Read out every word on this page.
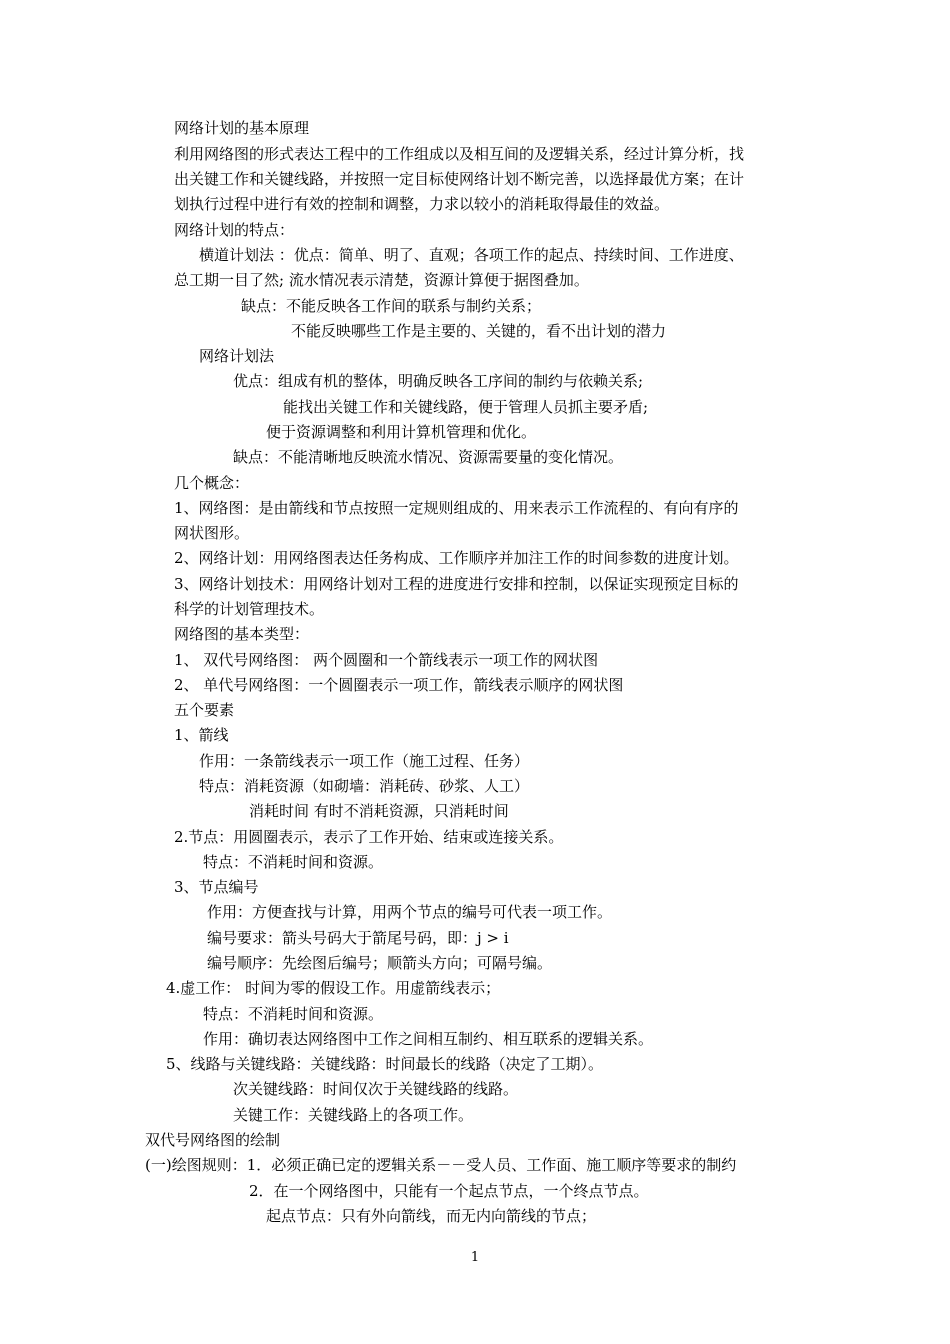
网络计划的基本原理
利用网络图的形式表达工程中的工作组成以及相互间的及逻辑关系，经过计算分析，找
出关键工作和关键线路，并按照一定目标使网络计划不断完善，以选择最优方案；在计
划执行过程中进行有效的控制和调整，力求以较小的消耗取得最佳的效益。
网络计划的特点：
横道计划法 ：优点：简单、明了、直观；各项工作的起点、持续时间、工作进度、
总工期一目了然; 流水情况表示清楚，资源计算便于据图叠加。
缺点：不能反映各工作间的联系与制约关系；
不能反映哪些工作是主要的、关键的，看不出计划的潜力
网络计划法
优点：组成有机的整体，明确反映各工序间的制约与依赖关系;
能找出关键工作和关键线路，便于管理人员抓主要矛盾;
便于资源调整和利用计算机管理和优化。
缺点：不能清晰地反映流水情况、资源需要量的变化情况。
几个概念：
1、网络图：是由箭线和节点按照一定规则组成的、用来表示工作流程的、有向有序的
网状图形。
2、网络计划：用网络图表达任务构成、工作顺序并加注工作的时间参数的进度计划。
3、网络计划技术：用网络计划对工程的进度进行安排和控制，以保证实现预定目标的
科学的计划管理技术。
网络图的基本类型：
1、 双代号网络图： 两个圆圈和一个箭线表示一项工作的网状图
2、 单代号网络图：一个圆圈表示一项工作，箭线表示顺序的网状图
五个要素
1、箭线
作用：一条箭线表示一项工作（施工过程、任务）
特点：消耗资源（如砌墙：消耗砖、砂浆、人工）
消耗时间 有时不消耗资源，只消耗时间
2.节点：用圆圈表示，表示了工作开始、结束或连接关系。
特点：不消耗时间和资源。
3、节点编号
作用：方便查找与计算，用两个节点的编号可代表一项工作。
编号要求：箭头号码大于箭尾号码，即：j > i
编号顺序：先绘图后编号；顺箭头方向；可隔号编。
4.虚工作： 时间为零的假设工作。用虚箭线表示；
特点：不消耗时间和资源。
作用：确切表达网络图中工作之间相互制约、相互联系的逻辑关系。
5、线路与关键线路：关键线路：时间最长的线路（决定了工期）。
次关键线路：时间仅次于关键线路的线路。
关键工作：关键线路上的各项工作。
双代号网络图的绘制
(一)绘图规则：1．必须正确已定的逻辑关系－－受人员、工作面、施工顺序等要求的制约
2．在一个网络图中，只能有一个起点节点，一个终点节点。
起点节点：只有外向箭线，而无内向箭线的节点；
1
